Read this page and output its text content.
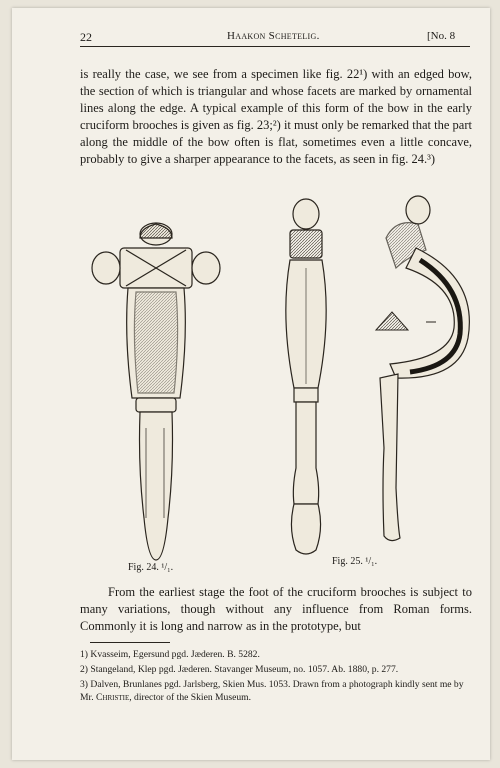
22	Haakon Schetelig.	[No. 8

is really the case, we see from a specimen like fig. 22¹) with an edged bow, the section of which is triangular and whose facets are marked by ornamental lines along the edge. A typical example of this form of the bow in the early cruciform brooches is given as fig. 23;²) it must only be remarked that the part along the middle of the bow often is flat, sometimes even a little concave, probably to give a sharper appearance to the facets, as seen in fig. 24.³)

Fig. 24. ¹/₁.
Fig. 25. ¹/₁.

From the earliest stage the foot of the cruciform brooches is subject to many variations, though without any influence from Roman forms. Commonly it is long and narrow as in the prototype, but

1) Kvasseim, Egersund pgd. Jæderen. B. 5282.

2) Stangeland, Klep pgd. Jæderen. Stavanger Museum, no. 1057. Ab. 1880, p. 277.

3) Dalven, Brunlanes pgd. Jarlsberg, Skien Mus. 1053. Drawn from a photograph kindly sent me by Mr. Christie, director of the Skien Museum.
